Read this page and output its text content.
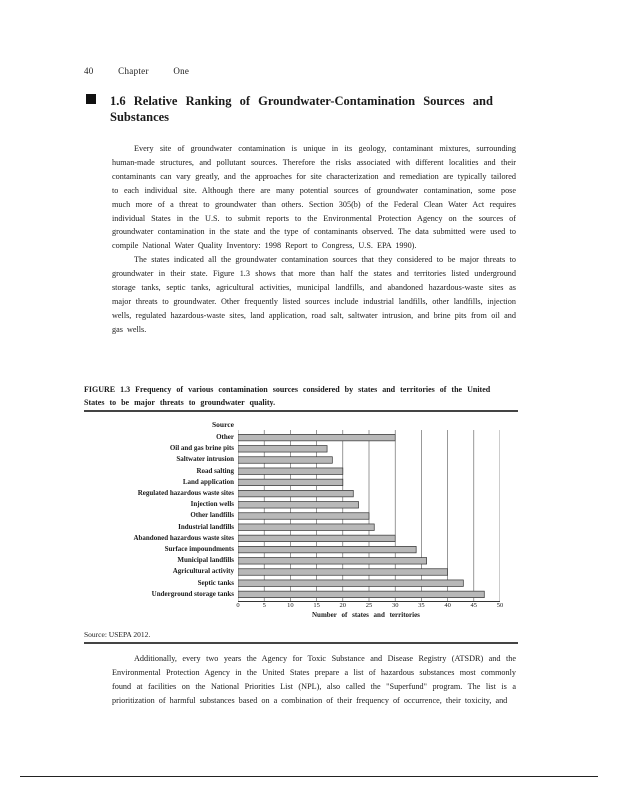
40	Chapter	One
1.6 Relative Ranking of Groundwater-Contamination Sources and Substances

Every site of groundwater contamination is unique in its geology, contaminant mixtures, surrounding human-made structures, and pollutant sources. Therefore the risks associated with different localities and their contaminants can vary greatly, and the approaches for site characterization and remediation are typically tailored to each individual site. Although there are many potential sources of groundwater contamination, some pose much more of a threat to groundwater than others. Section 305(b) of the Federal Clean Water Act requires individual States in the U.S. to submit reports to the Environmental Protection Agency on the sources of groundwater contamination in the state and the type of contaminants observed. The data submitted were used to compile National Water Quality Inventory: 1998 Report to Congress, U.S. EPA 1990).

The states indicated all the groundwater contamination sources that they considered to be major threats to groundwater in their state. Figure 1.3 shows that more than half the states and territories listed underground storage tanks, septic tanks, agricultural activities, municipal landfills, and abandoned hazardous-waste sites as major threats to groundwater. Other frequently listed sources include industrial landfills, other landfills, injection wells, regulated hazardous-waste sites, land application, road salt, saltwater intrusion, and brine pits from oil and gas wells.

FIGURE 1.3 Frequency of various contamination sources considered by states and territories of the United States to be major threats to groundwater quality.
Source
Other
Oil and gas brine pits
Saltwater intrusion
Road salting
Land application
Regulated hazardous waste sites
Injection wells
Other landfills
Industrial landfills
Abandoned hazardous waste sites
Surface impoundments
Municipal landfills
Agricultural activity
Septic tanks
Underground storage tanks
0	5	10	15	20	25	30	35	40	45	50
Number of states and territories
Source: USEPA 2012.

Additionally, every two years the Agency for Toxic Substance and Disease Registry (ATSDR) and the Environmental Protection Agency in the United States prepare a list of hazardous substances most commonly found at facilities on the National Priorities List (NPL), also called the "Superfund" program. The list is a prioritization of harmful substances based on a combination of their frequency of occurrence, their toxicity, and
